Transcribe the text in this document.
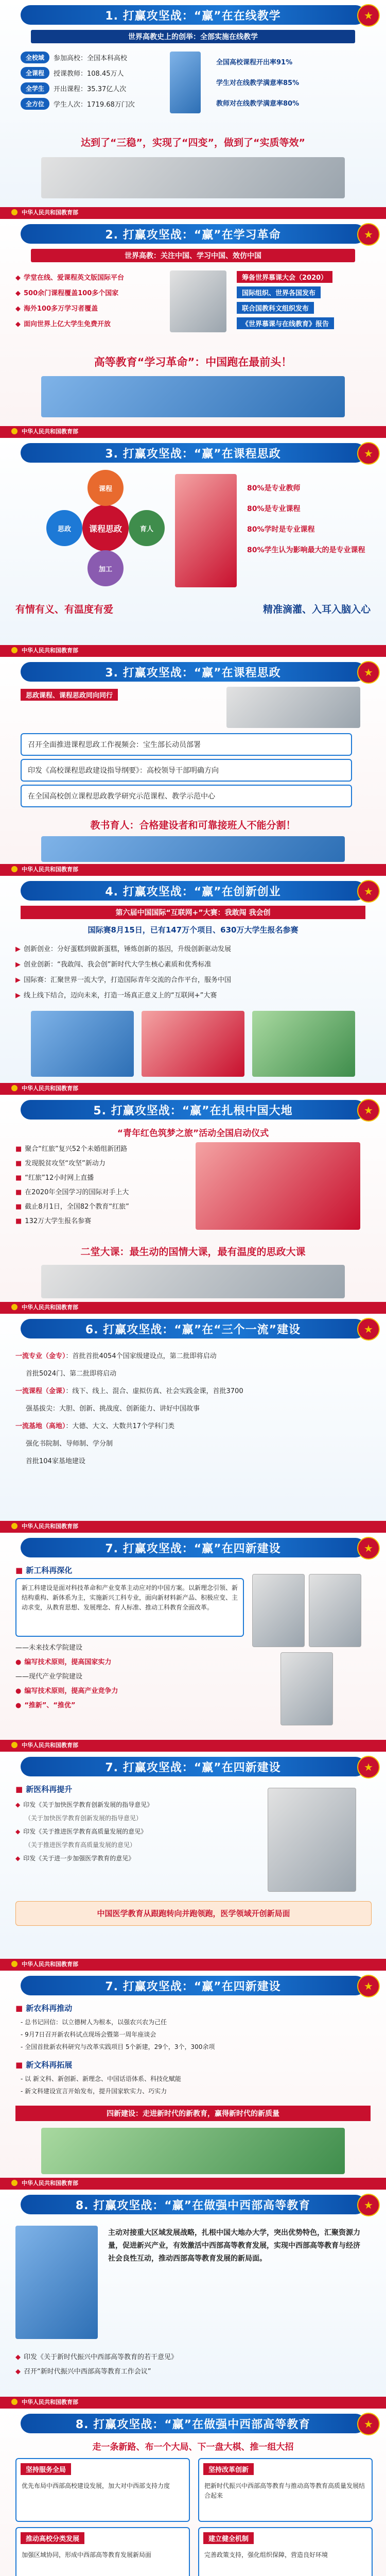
1. 打赢攻坚战：“赢”在在线教学	★
世界高教史上的创举：全部实施在线教学
全校域	参加高校：全国本科高校
全课程	授课教师：108.45万人
全学生	开出课程：35.37亿人次
全方位	学生人次：1719.68万门次
全国高校课程开出率91%
学生对在线教学满意率85%
教师对在线教学满意率80%
达到了“三稳”，实现了“四变”，做到了“实质等效”
中华人民共和国教育部
2. 打赢攻坚战：“赢”在学习革命	★
世界高教：关注中国、学习中国、效仿中国
◆ 学堂在线、爱课程英文版国际平台
◆ 500余门课程覆盖100多个国家
◆ 海外100多万学习者覆盖
◆ 面向世界上亿大学生免费开放
筹备世界慕课大会（2020）
国际组织、世界各国发布
联合国教科文组织发布
《世界慕课与在线教育》报告
高等教育“学习革命”：中国跑在最前头！
中华人民共和国教育部
3. 打赢攻坚战：“赢”在课程思政	★
课程思政
课程
思政	育人
加工
80%是专业教师
80%是专业课程
80%学时是专业课程
80%学生认为影响最大的是专业课程
有情有义、有温度有爱	精准滴灌、入耳入脑入心
中华人民共和国教育部
3. 打赢攻坚战：“赢”在课程思政	★
思政课程、课程思政同向同行
召开全面推进课程思政工作视频会：宝生部长动员部署
印发《高校课程思政建设指导纲要》：高校领导干部明确方向
在全国高校创立课程思政教学研究示范课程、教学示范中心
教书育人：合格建设者和可靠接班人不能分割！
中华人民共和国教育部
4. 打赢攻坚战：“赢”在创新创业	★
第六届中国国际“互联网+”大赛：我敢闯 我会创
国际赛8月15日，已有147万个项目、630万大学生报名参赛
▶ 创新创业：分好蛋糕到做新蛋糕，锤炼创新的基因，升级创新驱动发展
▶ 创业创新：“我敢闯、我会创”新时代大学生核心素质和优秀标准
▶ 国际赛：汇聚世界一流大学，打造国际青年交流的合作平台，服务中国
▶ 线上线下结合，迈向未来，打造一场真正意义上的“互联网+”大赛
中华人民共和国教育部
5. 打赢攻坚战：“赢”在扎根中国大地	★
“青年红色筑梦之旅”活动全国启动仪式
■ 聚合“红旅”复兴52个未婚组新团路
■ 发现脱贫攻坚“攻坚”新动力
■ “红旅”12小时网上直播
■ 在2020年全国学习的国际对手上大
■ 截止8月1日，全国82个教育“红旅”
■ 132万大学生报名参赛
二堂大课：最生动的国情大课，最有温度的思政大课
中华人民共和国教育部
6. 打赢攻坚战：“赢”在“三个一流”建设	★
一流专业（金专）：首批首批4054个国家级建设点，第二批即将启动
首批5024门、第二批即将启动
一流课程（金课）：线下、线上、混合、虚拟仿真、社会实践金课，首批3700
强基拔尖：大胆、创新、挑战度、创新能力、讲好中国故事
一流基地（高地）：大德、大文、大数共17个学科门类
强化书院制、导师制、学分制
首批104家基地建设
中华人民共和国教育部
7. 打赢攻坚战：“赢”在四新建设	★
■ 新工科再深化
新工科建设是面对科技革命和产业变革主动应对的中国方案。以新理念引领、新结构重构、新体系为主，实施新兴工科专业，面向新材料新产品、积极应变、主动求变，从教育思想、发展理念、育人标准、推动工科教育全面改革。
——未来技术学院建设
● 编写技术原则，提高国家实力
——现代产业学院建设
● 编写技术原则，提高产业竞争力
● “推新”、“推优”
中华人民共和国教育部
7. 打赢攻坚战：“赢”在四新建设	★
■ 新医科再提升
◆ 印发《关于加快医学教育创新发展的指导意见》
（关于加快医学教育创新发展的指导意见）
◆ 印发《关于推进医学教育高质量发展的意见》
（关于推进医学教育高质量发展的意见）
◆ 印发《关于进一步加强医学教育的意见》
中国医学教育从跟跑转向并跑领跑，医学领域开创新局面
中华人民共和国教育部
7. 打赢攻坚战：“赢”在四新建设	★
■ 新农科再推动
- 总书记回信：以立德树人为根本，以强农兴农为己任
- 9月7日召开新农科试点现场会暨第一周年座谈会
- 全国首批新农科研究与改革实践项目 5个新建，29个，3个，300余项
■ 新文科再拓展
- 以 新文科、新创新、新理念、中国话语体系、科技化赋能
- 新文科建设宣言开始发布，提升国家软实力、巧实力
四新建设：走进新时代的新教育，赢得新时代的新质量
中华人民共和国教育部
8. 打赢攻坚战：“赢”在做强中西部高等教育	★
主动对接重大区域发展战略，扎根中国大地办大学，突出优势特色，汇聚资源力量，促进新兴产业，有效激活中西部高等教育发展，实现中西部高等教育与经济社会良性互动，推动西部高等教育发展的新局面。
◆ 印发《关于新时代振兴中西部高等教育的若干意见》
◆ 召开“新时代振兴中西部高等教育工作会议”
中华人民共和国教育部
8. 打赢攻坚战：“赢”在做强中西部高等教育	★
走一条新路、布一个大局、下一盘大棋、推一组大招
坚持服务全局
优先布局中西部高校建设发展，加大对中西部支持力度
坚持改革创新
把新时代振兴中西部高等教育与推动高等教育高质量发展结合起来
推动高校分类发展
加强区域协同，形成中西部高等教育发展新局面
建立健全机制
完善政策支持，强化组织保障，营造良好环境
